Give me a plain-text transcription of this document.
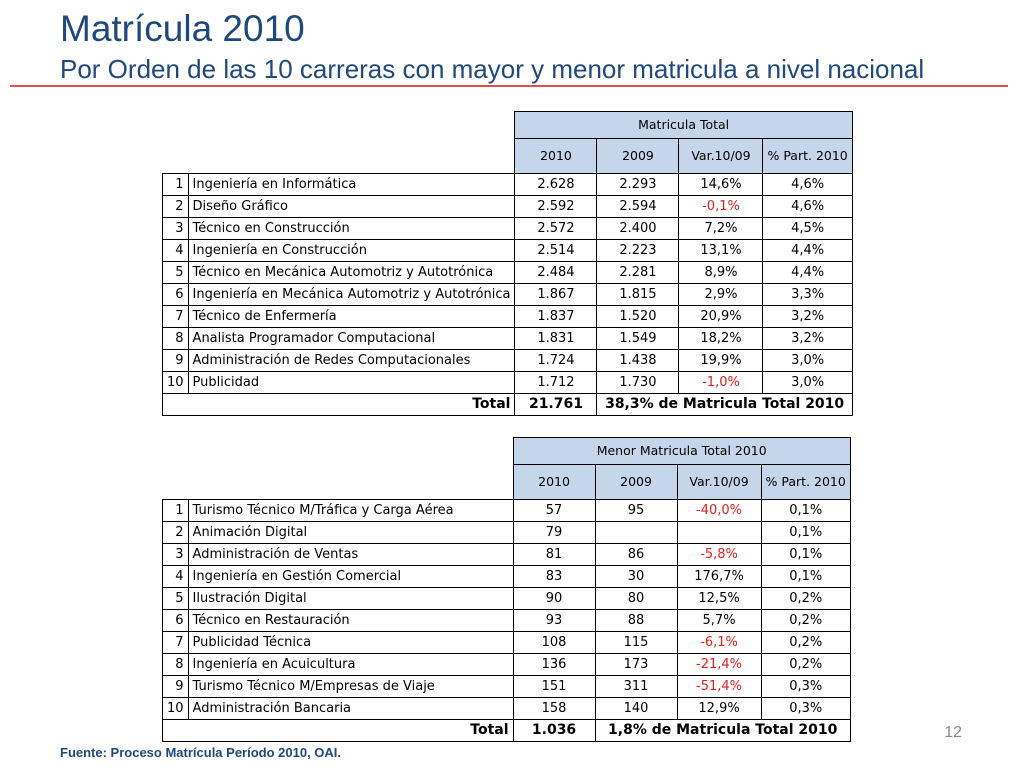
Matrícula 2010
Por Orden de las 10 carreras con mayor y menor matricula a nivel nacional
		Matricula Total			
		2010	2009	Var.10/09	% Part. 2010
1	Ingeniería en Informática	2.628	2.293	14,6%	4,6%
2	Diseño Gráfico	2.592	2.594	-0,1%	4,6%
3	Técnico en Construcción	2.572	2.400	7,2%	4,5%
4	Ingeniería en Construcción	2.514	2.223	13,1%	4,4%
5	Técnico en Mecánica Automotriz y Autotrónica	2.484	2.281	8,9%	4,4%
6	Ingeniería en Mecánica Automotriz y Autotrónica	1.867	1.815	2,9%	3,3%
7	Técnico de Enfermería	1.837	1.520	20,9%	3,2%
8	Analista Programador Computacional	1.831	1.549	18,2%	3,2%
9	Administración de Redes Computacionales	1.724	1.438	19,9%	3,0%
10	Publicidad	1.712	1.730	-1,0%	3,0%
Total		21.761	38,3% de Matricula Total 2010		
		Menor Matricula Total 2010			
		2010	2009	Var.10/09	% Part. 2010
1	Turismo Técnico M/Tráfica y Carga Aérea	57	95	-40,0%	0,1%
2	Animación Digital	79			0,1%
3	Administración de Ventas	81	86	-5,8%	0,1%
4	Ingeniería en Gestión Comercial	83	30	176,7%	0,1%
5	Ilustración Digital	90	80	12,5%	0,2%
6	Técnico en Restauración	93	88	5,7%	0,2%
7	Publicidad Técnica	108	115	-6,1%	0,2%
8	Ingeniería en Acuicultura	136	173	-21,4%	0,2%
9	Turismo Técnico M/Empresas de Viaje	151	311	-51,4%	0,3%
10	Administración Bancaria	158	140	12,9%	0,3%
Total		1.036	1,8% de Matricula Total 2010		

Fuente: Proceso Matrícula Período 2010, OAI.

12
